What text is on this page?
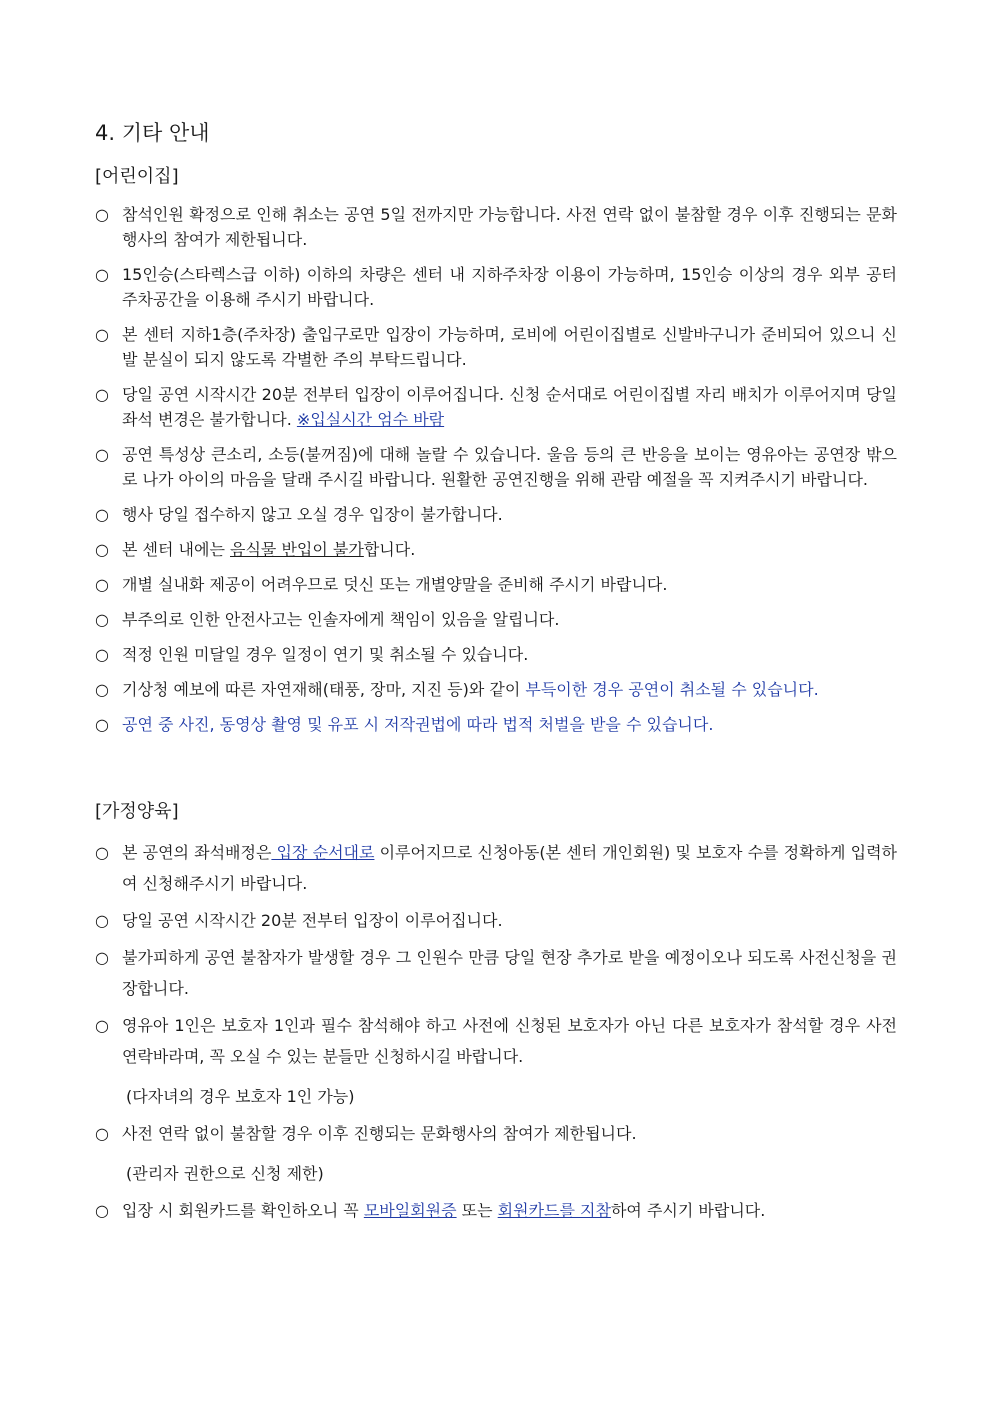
4. 기타 안내
[어린이집]
○ 참석인원 확정으로 인해 취소는 공연 5일 전까지만 가능합니다. 사전 연락 없이 불참할 경우 이후 진행되는 문화행사의 참여가 제한됩니다.
○ 15인승(스타렉스급 이하) 이하의 차량은 센터 내 지하주차장 이용이 가능하며, 15인승 이상의 경우 외부 공터 주차공간을 이용해 주시기 바랍니다.
○ 본 센터 지하1층(주차장) 출입구로만 입장이 가능하며, 로비에 어린이집별로 신발바구니가 준비되어 있으니 신발 분실이 되지 않도록 각별한 주의 부탁드립니다.
○ 당일 공연 시작시간 20분 전부터 입장이 이루어집니다. 신청 순서대로 어린이집별 자리 배치가 이루어지며 당일 좌석 변경은 불가합니다. ※입실시간 엄수 바람
○ 공연 특성상 큰소리, 소등(불꺼짐)에 대해 놀랄 수 있습니다. 울음 등의 큰 반응을 보이는 영유아는 공연장 밖으로 나가 아이의 마음을 달래 주시길 바랍니다. 원활한 공연진행을 위해 관람 예절을 꼭 지켜주시기 바랍니다.
○ 행사 당일 접수하지 않고 오실 경우 입장이 불가합니다.
○ 본 센터 내에는 음식물 반입이 불가합니다.
○ 개별 실내화 제공이 어려우므로 덧신 또는 개별양말을 준비해 주시기 바랍니다.
○ 부주의로 인한 안전사고는 인솔자에게 책임이 있음을 알립니다.
○ 적정 인원 미달일 경우 일정이 연기 및 취소될 수 있습니다.
○ 기상청 예보에 따른 자연재해(태풍, 장마, 지진 등)와 같이 부득이한 경우 공연이 취소될 수 있습니다.
○ 공연 중 사진, 동영상 촬영 및 유포 시 저작권법에 따라 법적 처벌을 받을 수 있습니다.
[가정양육]
○ 본 공연의 좌석배정은 입장 순서대로 이루어지므로 신청아동(본 센터 개인회원) 및 보호자 수를 정확하게 입력하여 신청해주시기 바랍니다.
○ 당일 공연 시작시간 20분 전부터 입장이 이루어집니다.
○ 불가피하게 공연 불참자가 발생할 경우 그 인원수 만큼 당일 현장 추가로 받을 예정이오나 되도록 사전신청을 권장합니다.
○ 영유아 1인은 보호자 1인과 필수 참석해야 하고 사전에 신청된 보호자가 아닌 다른 보호자가 참석할 경우 사전 연락바라며, 꼭 오실 수 있는 분들만 신청하시길 바랍니다.
(다자녀의 경우 보호자 1인 가능)
○ 사전 연락 없이 불참할 경우 이후 진행되는 문화행사의 참여가 제한됩니다.
(관리자 권한으로 신청 제한)
○ 입장 시 회원카드를 확인하오니 꼭 모바일회원증 또는 회원카드를 지참하여 주시기 바랍니다.
